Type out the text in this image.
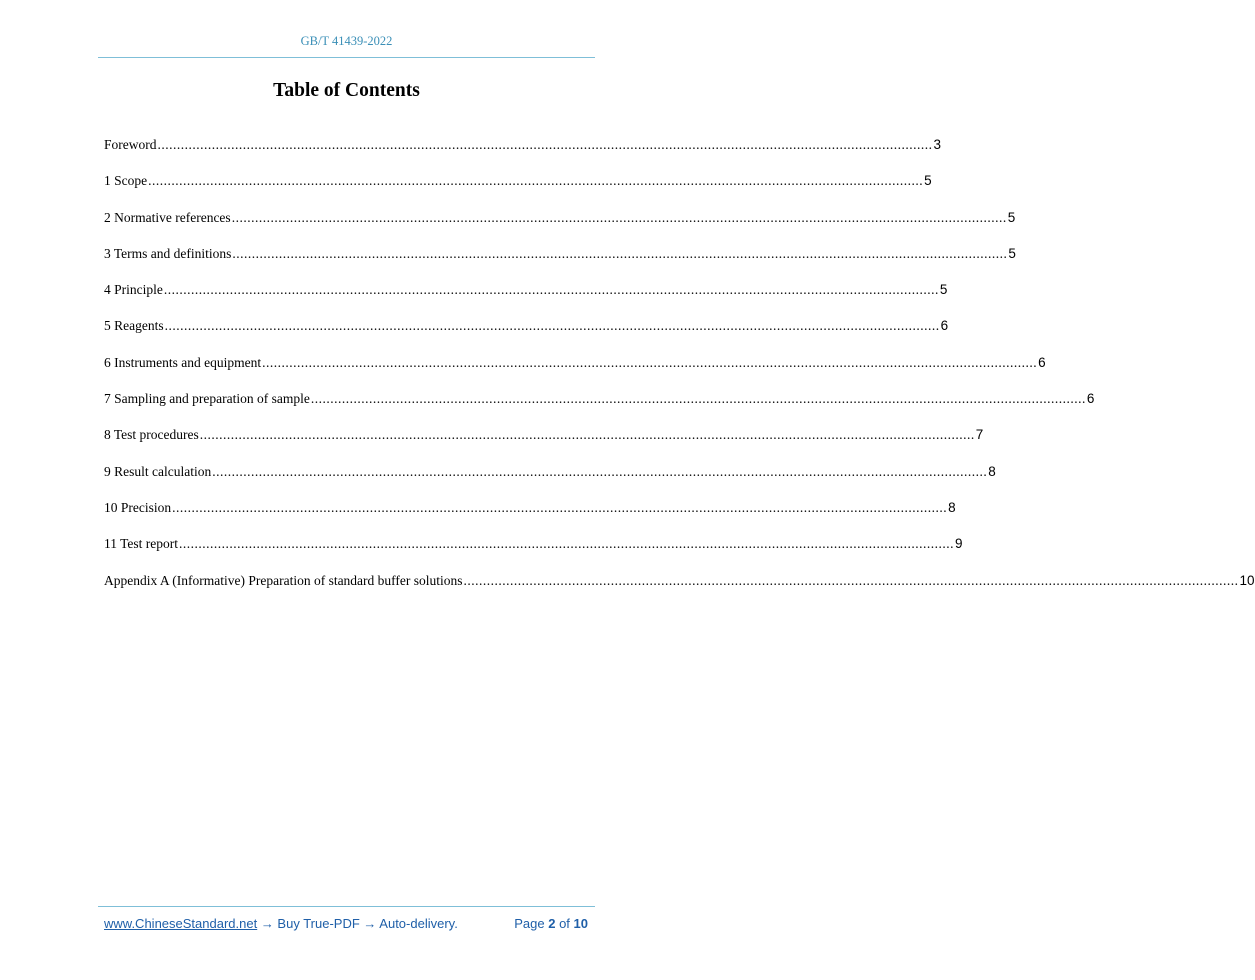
GB/T 41439-2022
Table of Contents
Foreword ........................................................................................................................................................................................................ 3
1 Scope ........................................................................................................................................................................................................ 5
2 Normative references ........................................................................................................................................................................................................ 5
3 Terms and definitions ........................................................................................................................................................................................................ 5
4 Principle ........................................................................................................................................................................................................ 5
5 Reagents ........................................................................................................................................................................................................ 6
6 Instruments and equipment ........................................................................................................................................................................................................ 6
7 Sampling and preparation of sample ........................................................................................................................................................................................................ 6
8 Test procedures ........................................................................................................................................................................................................ 7
9 Result calculation ........................................................................................................................................................................................................ 8
10 Precision ........................................................................................................................................................................................................ 8
11 Test report ........................................................................................................................................................................................................ 9
Appendix A (Informative) Preparation of standard buffer solutions ........................................................................................................................................................................................................ 10
www.ChineseStandard.net → Buy True-PDF → Auto-delivery.	Page 2 of 10
